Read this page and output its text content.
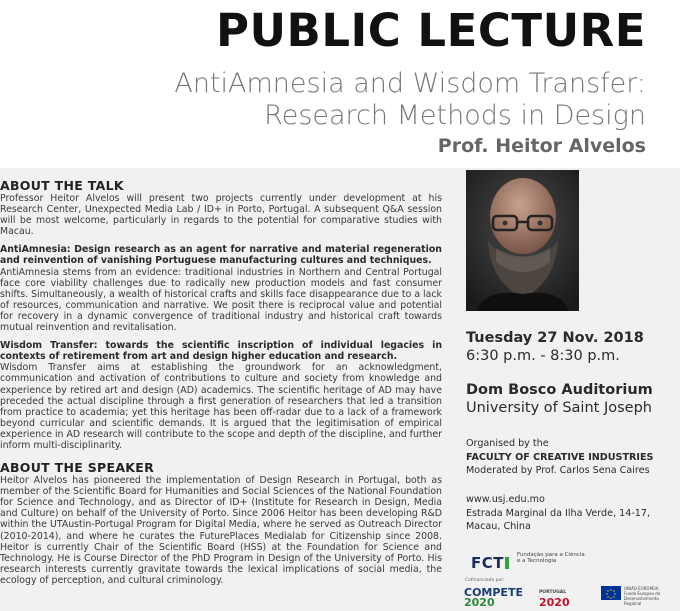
PUBLIC LECTURE
AntiAmnesia and Wisdom Transfer:
Research Methods in Design
Prof. Heitor Alvelos
ABOUT THE TALK

Professor Heitor Alvelos will present two projects currently under development at his Research Center, Unexpected Media Lab / ID+ in Porto, Portugal. A subsequent Q&A session will be most welcome, particularly in regards to the potential for comparative studies with Macau.

AntiAmnesia: Design research as an agent for narrative and material regeneration and reinvention of vanishing Portuguese manufacturing cultures and techniques.

AntiAmnesia stems from an evidence: traditional industries in Northern and Central Portugal face core viability challenges due to radically new production models and fast consumer shifts. Simultaneously, a wealth of historical crafts and skills face disappearance due to a lack of resources, communication and narrative. We posit there is reciprocal value and potential for recovery in a dynamic convergence of traditional industry and historical craft towards mutual reinvention and revitalisation.

Wisdom Transfer: towards the scientific inscription of individual legacies in contexts of retirement from art and design higher education and research.

Wisdom Transfer aims at establishing the groundwork for an acknowledgment, communication and activation of contributions to culture and society from knowledge and experience by retired art and design (AD) academics. The scientific heritage of AD may have preceded the actual discipline through a first generation of researchers that led a transition from practice to academia; yet this heritage has been off-radar due to a lack of a framework beyond curricular and scientific demands. It is argued that the legitimisation of empirical experience in AD research will contribute to the scope and depth of the discipline, and further inform multi-disciplinarity.

ABOUT THE SPEAKER

Heitor Alvelos has pioneered the implementation of Design Research in Portugal, both as member of the Scientific Board for Humanities and Social Sciences of the National Foundation for Science and Technology, and as Director of ID+ (Institute for Research in Design, Media and Culture) on behalf of the University of Porto. Since 2006 Heitor has been developing R&D within the UTAustin-Portugal Program for Digital Media, where he served as Outreach Director (2010-2014), and where he curates the FuturePlaces Medialab for Citizenship since 2008. Heitor is currently Chair of the Scientific Board (HSS) at the Foundation for Science and Technology. He is Course Director of the PhD Program in Design of the University of Porto. His research interests currently gravitate towards the lexical implications of social media, the ecology of perception, and cultural criminology.

Tuesday 27 Nov. 2018
6:30 p.m. - 8:30 p.m.
Dom Bosco Auditorium
University of Saint Joseph
Organised by the
FACULTY OF CREATIVE INDUSTRIES
Moderated by Prof. Carlos Sena Caires
www.usj.edu.mo
Estrada Marginal da Ilha Verde, 14-17,
Macau, China
FCT	Fundação para a Ciência e a Tecnologia
Cofinanciado por:
COMPETE
2020
PORTUGAL
2020
UNIÃO EUROPEIA Fundo Europeu de Desenvolvimento Regional
